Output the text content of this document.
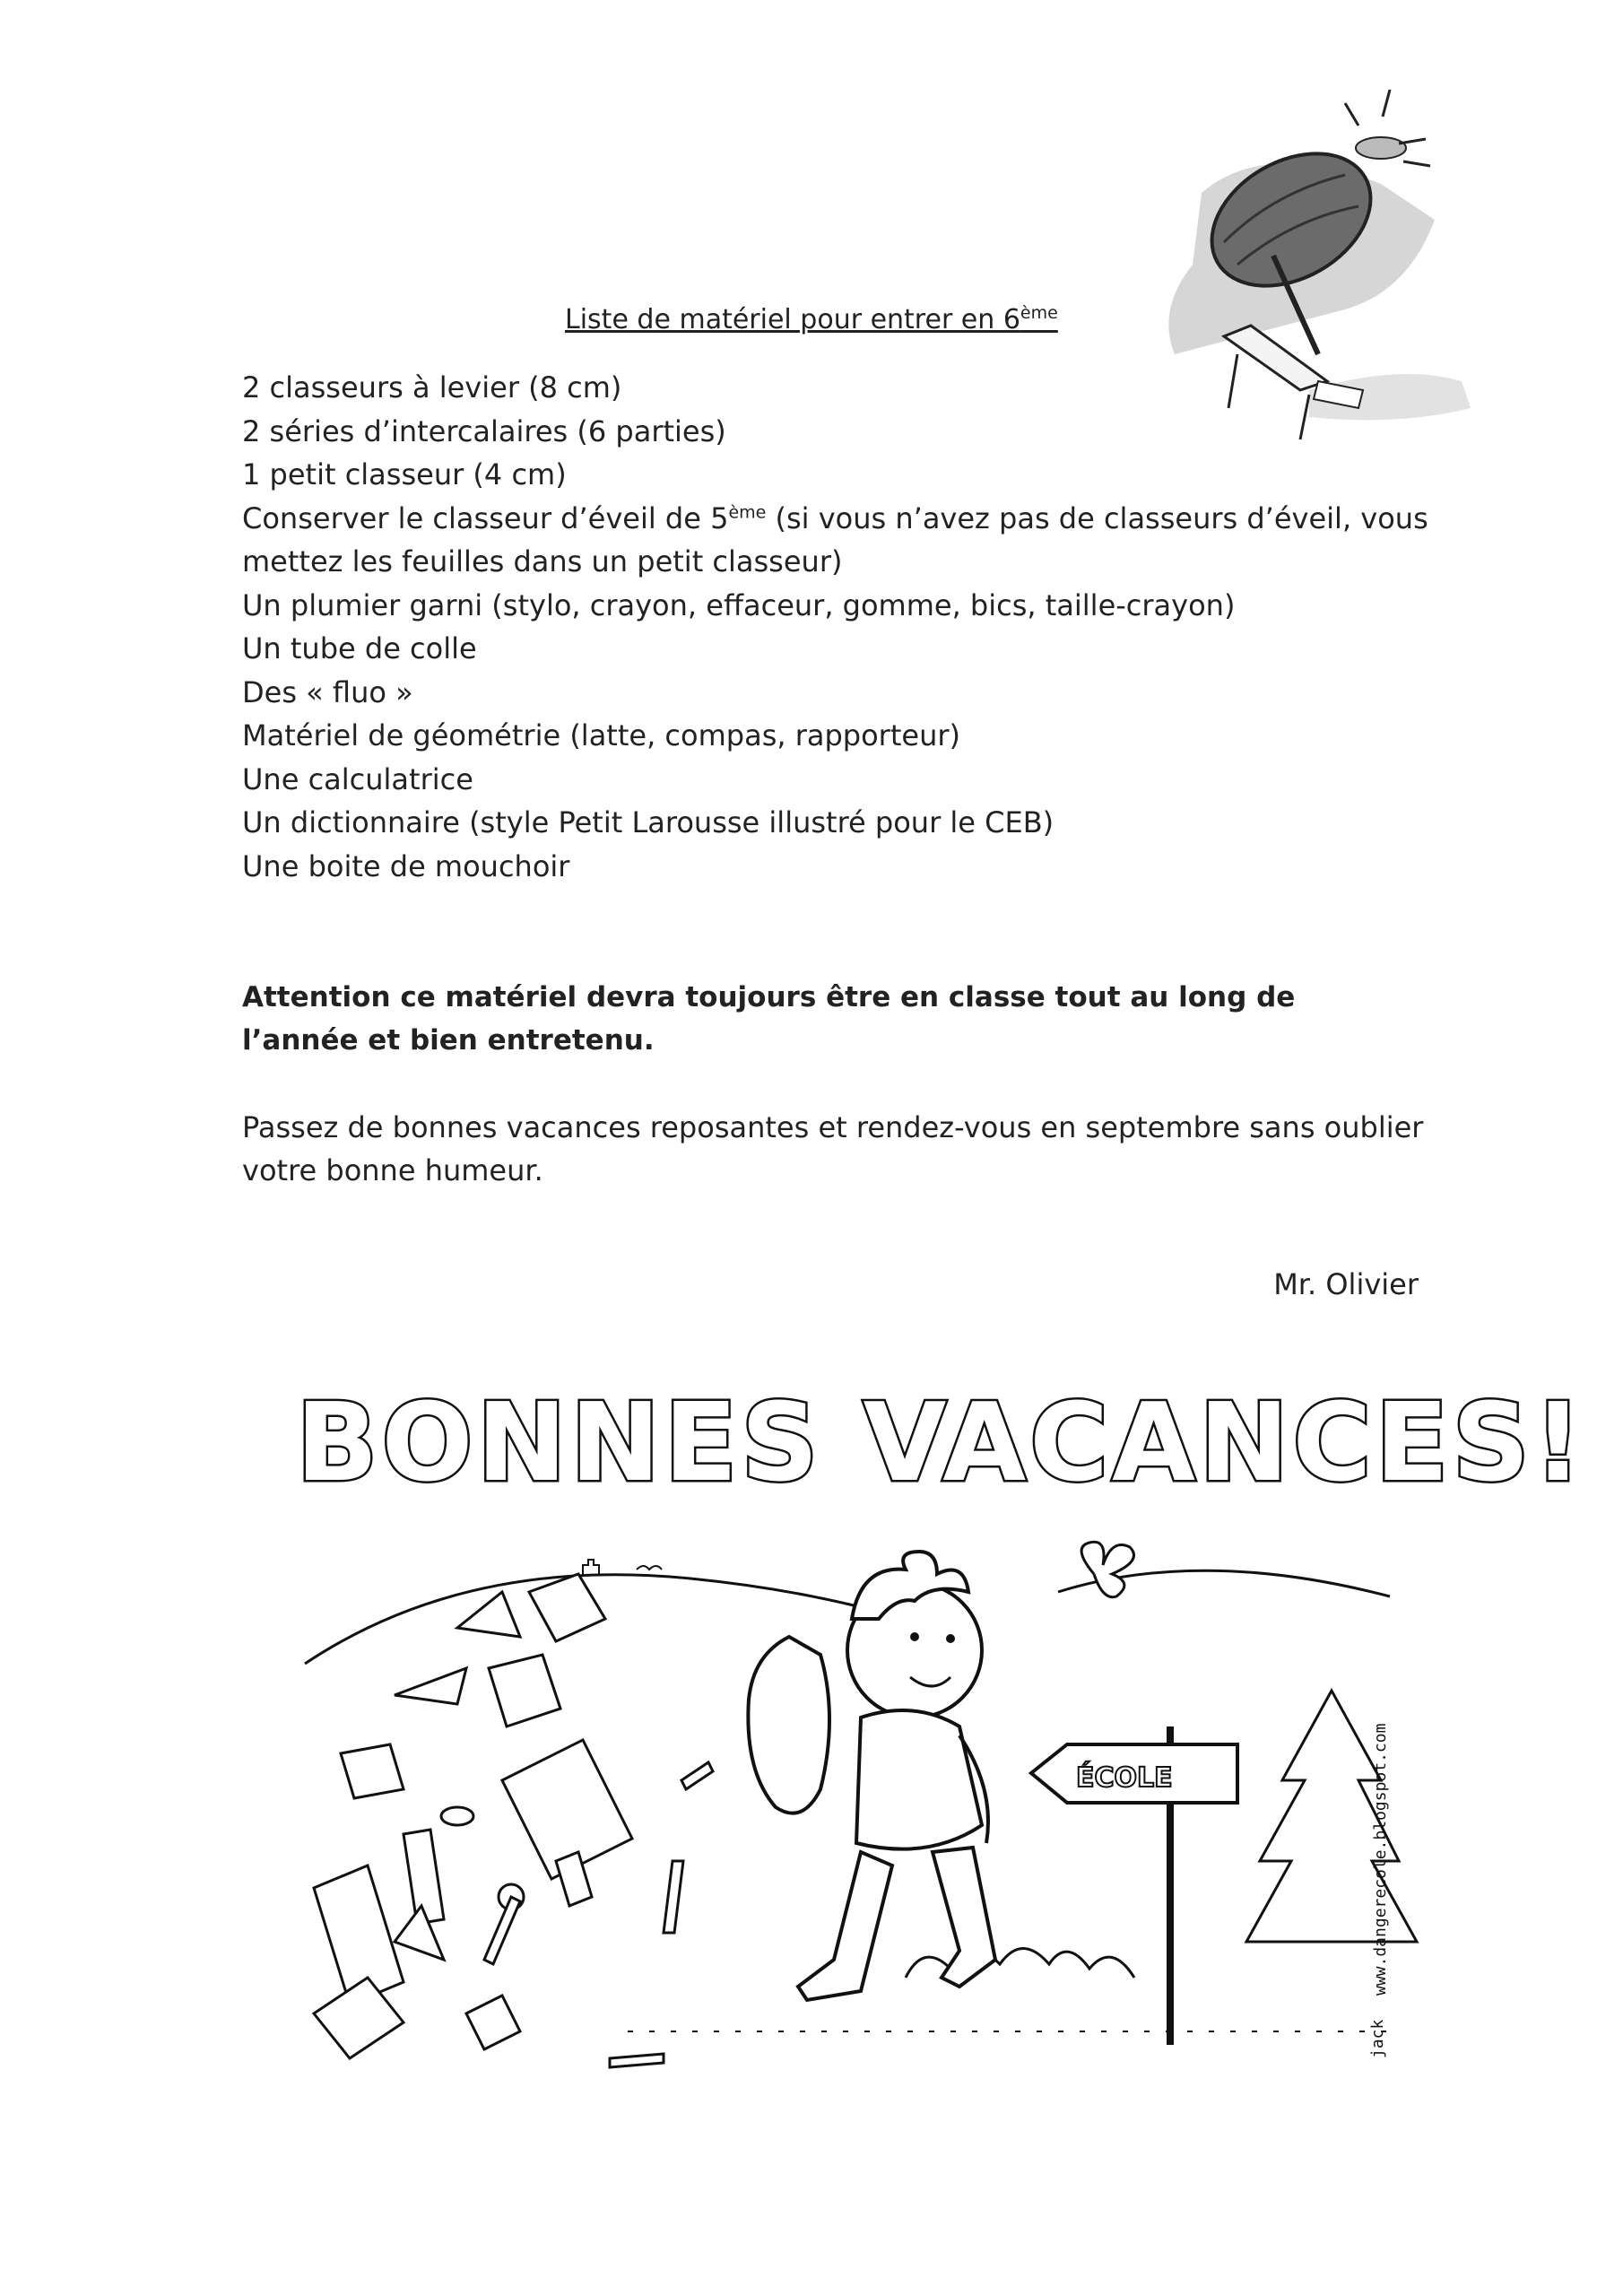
Liste de matériel pour entrer en 6ème
2 classeurs à levier (8 cm)
2 séries d’intercalaires (6 parties)
1 petit classeur (4 cm)
Conserver le classeur d’éveil de 5ème (si vous n’avez pas de classeurs d’éveil, vous mettez les feuilles dans un petit classeur)
Un plumier garni (stylo, crayon, effaceur, gomme, bics, taille-crayon)
Un tube de colle
Des « fluo »
Matériel de géométrie (latte, compas, rapporteur)
Une calculatrice
Un dictionnaire (style Petit Larousse illustré pour le CEB)
Une boite de mouchoir
Attention ce matériel devra toujours être en classe tout au long de l’année et bien entretenu.
Passez de bonnes vacances reposantes et rendez-vous en septembre sans oublier votre bonne humeur.
Mr. Olivier
BONNES VACANCES!
ÉCOLE	www.dangerecole.blogspot.com
jack
